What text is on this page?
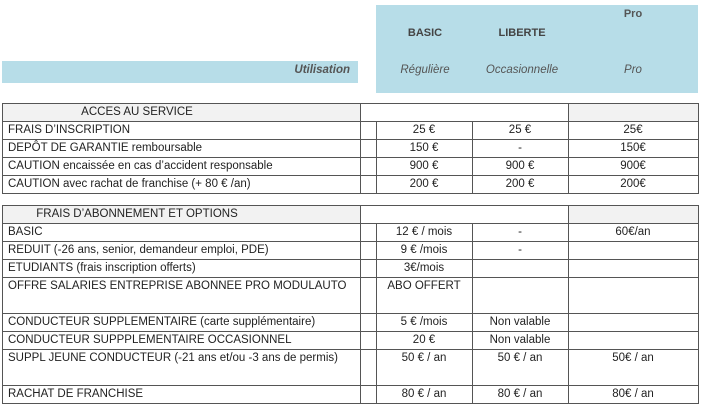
Pro
BASIC	LIBERTE
Utilisation	Régulière	Occasionnelle	Pro
ACCES AU SERVICE
FRAIS D’INSCRIPTION	25 €	25 €	25€
DEPÔT DE GARANTIE remboursable	150 €	-	150€
CAUTION encaissée en cas d’accident responsable	900 €	900 €	900€
CAUTION avec rachat de franchise (+ 80 € /an)	200 €	200 €	200€
FRAIS D’ABONNEMENT ET OPTIONS
BASIC	12 € / mois	-	60€/an
REDUIT (-26 ans, senior, demandeur emploi, PDE)	9 € /mois	-
ETUDIANTS (frais inscription offerts)	3€/mois
OFFRE SALARIES ENTREPRISE ABONNEE PRO MODULAUTO	ABO OFFERT
CONDUCTEUR SUPPLEMENTAIRE (carte supplémentaire)	5 € /mois	Non valable
CONDUCTEUR SUPPPLEMENTAIRE OCCASIONNEL	20 €	Non valable
SUPPL JEUNE CONDUCTEUR (-21 ans et/ou -3 ans de permis)	50 € / an	50 € / an	50€ / an
RACHAT DE FRANCHISE	80 € / an	80 € / an	80€ / an
